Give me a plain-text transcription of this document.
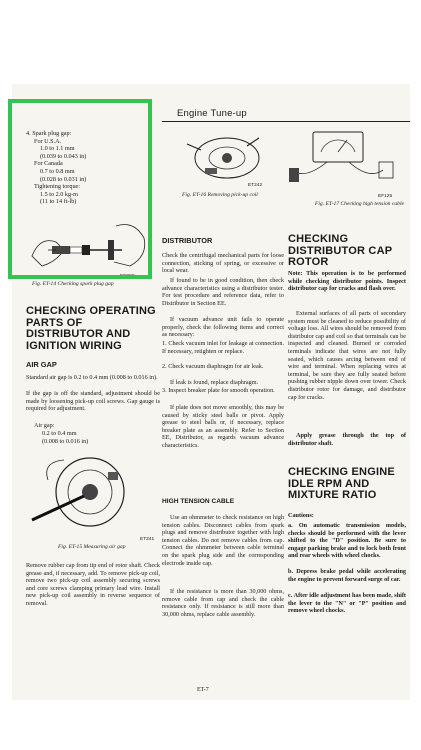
Engine Tune-up
4. Spark plug gap:
For U.S.A.
1.0 to 1.1 mm
(0.039 to 0.043 in)
For Canada
0.7 to 0.8 mm
(0.028 to 0.031 in)
Tightening torque:
1.5 to 2.0 kg-m
(11 to 14 ft-lb)
EE080
Fig. ET-14 Checking spark plug gap
CHECKING OPERATING PARTS OF DISTRIBUTOR AND IGNITION WIRING
AIR GAP

Standard air gap is 0.2 to 0.4 mm (0.008 to 0.016 in).

If the gap is off the standard, adjustment should be made by loosening pick-up coil screws. Gap gauge is required for adjustment.

Air gap:
0.2 to 0.4 mm
(0.008 to 0.016 in)
ET241
Fig. ET-15 Measuring air gap

Remove rubber cap from tip end of rotor shaft. Check grease and, if necessary, add. To remove pick-up coil, remove two pick-up coil assembly securing screws and core screws clamping primary lead wire. Install new pick-up coil assembly in reverse sequence of removal.

ET242
Fig. ET-16 Removing pick-up coil
DISTRIBUTOR

Check the centrifugal mechanical parts for loose connection, sticking of spring, or excessive or local wear.

If found to be in good condition, then check advance characteristics using a distributor tester. For test procedure and reference data, refer to Distributor in Section EE.

If vacuum advance unit fails to operate properly, check the following items and correct as necessary:

1. Check vacuum inlet for leakage at connection. If necessary, retighten or replace.

2. Check vacuum diaphragm for air leak.

If leak is found, replace diaphragm.

3. Inspect breaker plate for smooth operation.

If plate does not move smoothly, this may be caused by sticky steel balls or pivot. Apply grease to steel balls or, if necessary, replace breaker plate as an assembly. Refer to Section EE, Distributor, as regards vacuum advance characteristics.

HIGH TENSION CABLE

Use an ohmmeter to check resistance on high tension cables. Disconnect cables from spark plugs and remove distributor together with high tension cables. Do not remove cables from cap. Connect the ohmmeter between cable terminal on the spark plug side and the corresponding electrode inside cap.

If the resistance is more than 30,000 ohms, remove cable from cap and check the cable resistance only. If resistance is still more than 30,000 ohms, replace cable assembly.

EF125
Fig. ET-17 Checking high tension cable
CHECKING DISTRIBUTOR CAP ROTOR

Note: This operation is to be performed while checking distributor points. Inspect distributor cap for cracks and flash over.

External surfaces of all parts of secondary system must be cleaned to reduce possibility of voltage loss. All wires should be removed from distributor cap and coil so that terminals can be inspected and cleaned. Burned or corroded terminals indicate that wires are not fully seated, which causes arcing between end of wire and terminal. When replacing wires at terminal, be sure they are fully seated before pushing rubber nipple down over tower. Check distributor rotor for damage, and distributor cap for cracks.

Apply grease through the top of distributor shaft.

CHECKING ENGINE IDLE RPM AND MIXTURE RATIO
Cautions:

a. On automatic transmission models, checks should be performed with the lever shifted to the "D" position. Be sure to engage parking brake and to lock both front and rear wheels with wheel chocks.

b. Depress brake pedal while accelerating the engine to prevent forward surge of car.

c. After idle adjustment has been made, shift the lever to the "N" or "P" position and remove wheel chocks.

ET-7
